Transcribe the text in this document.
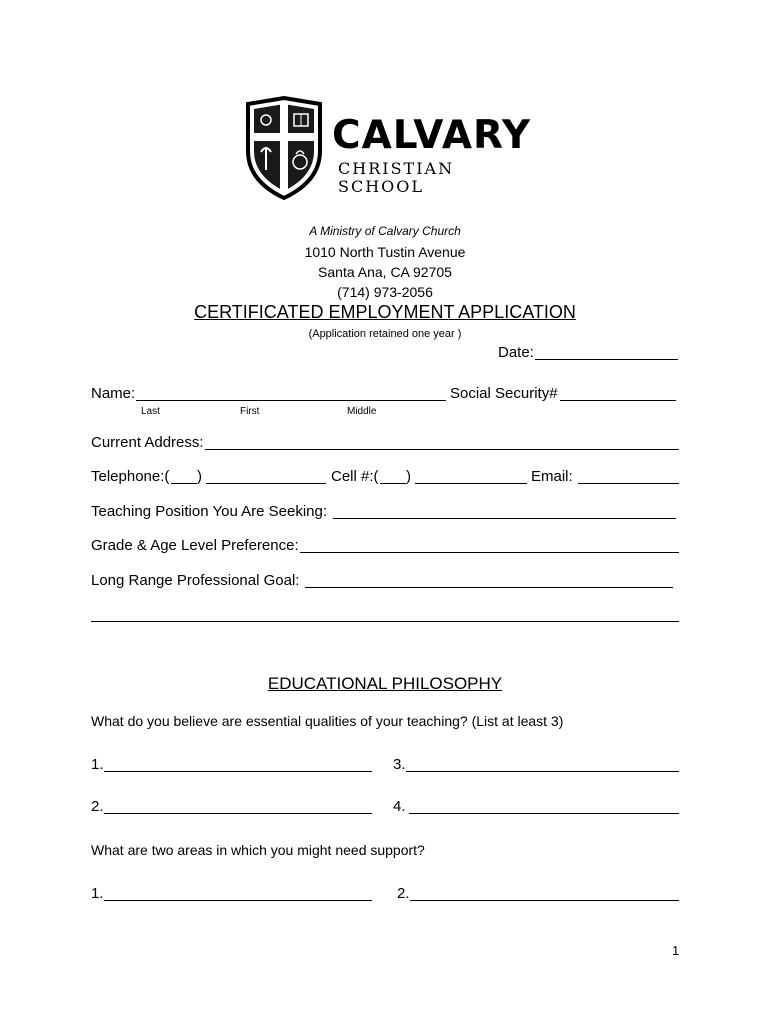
CALVARY
CHRISTIAN SCHOOL
A Ministry of Calvary Church
1010 North Tustin Avenue
Santa Ana, CA 92705
(714) 973-2056
CERTIFICATED EMPLOYMENT APPLICATION
(Application retained one year )
Date:
Name:	Social Security#
Last	First	Middle
Current Address:
Telephone:( )	Cell #:( )	Email:
Teaching Position You Are Seeking:
Grade & Age Level Preference:
Long Range Professional Goal:
EDUCATIONAL PHILOSOPHY
What do you believe are essential qualities of your teaching? (List at least 3)
1.	3.
2.	4.
What are two areas in which you might need support?
1.	2.
1
